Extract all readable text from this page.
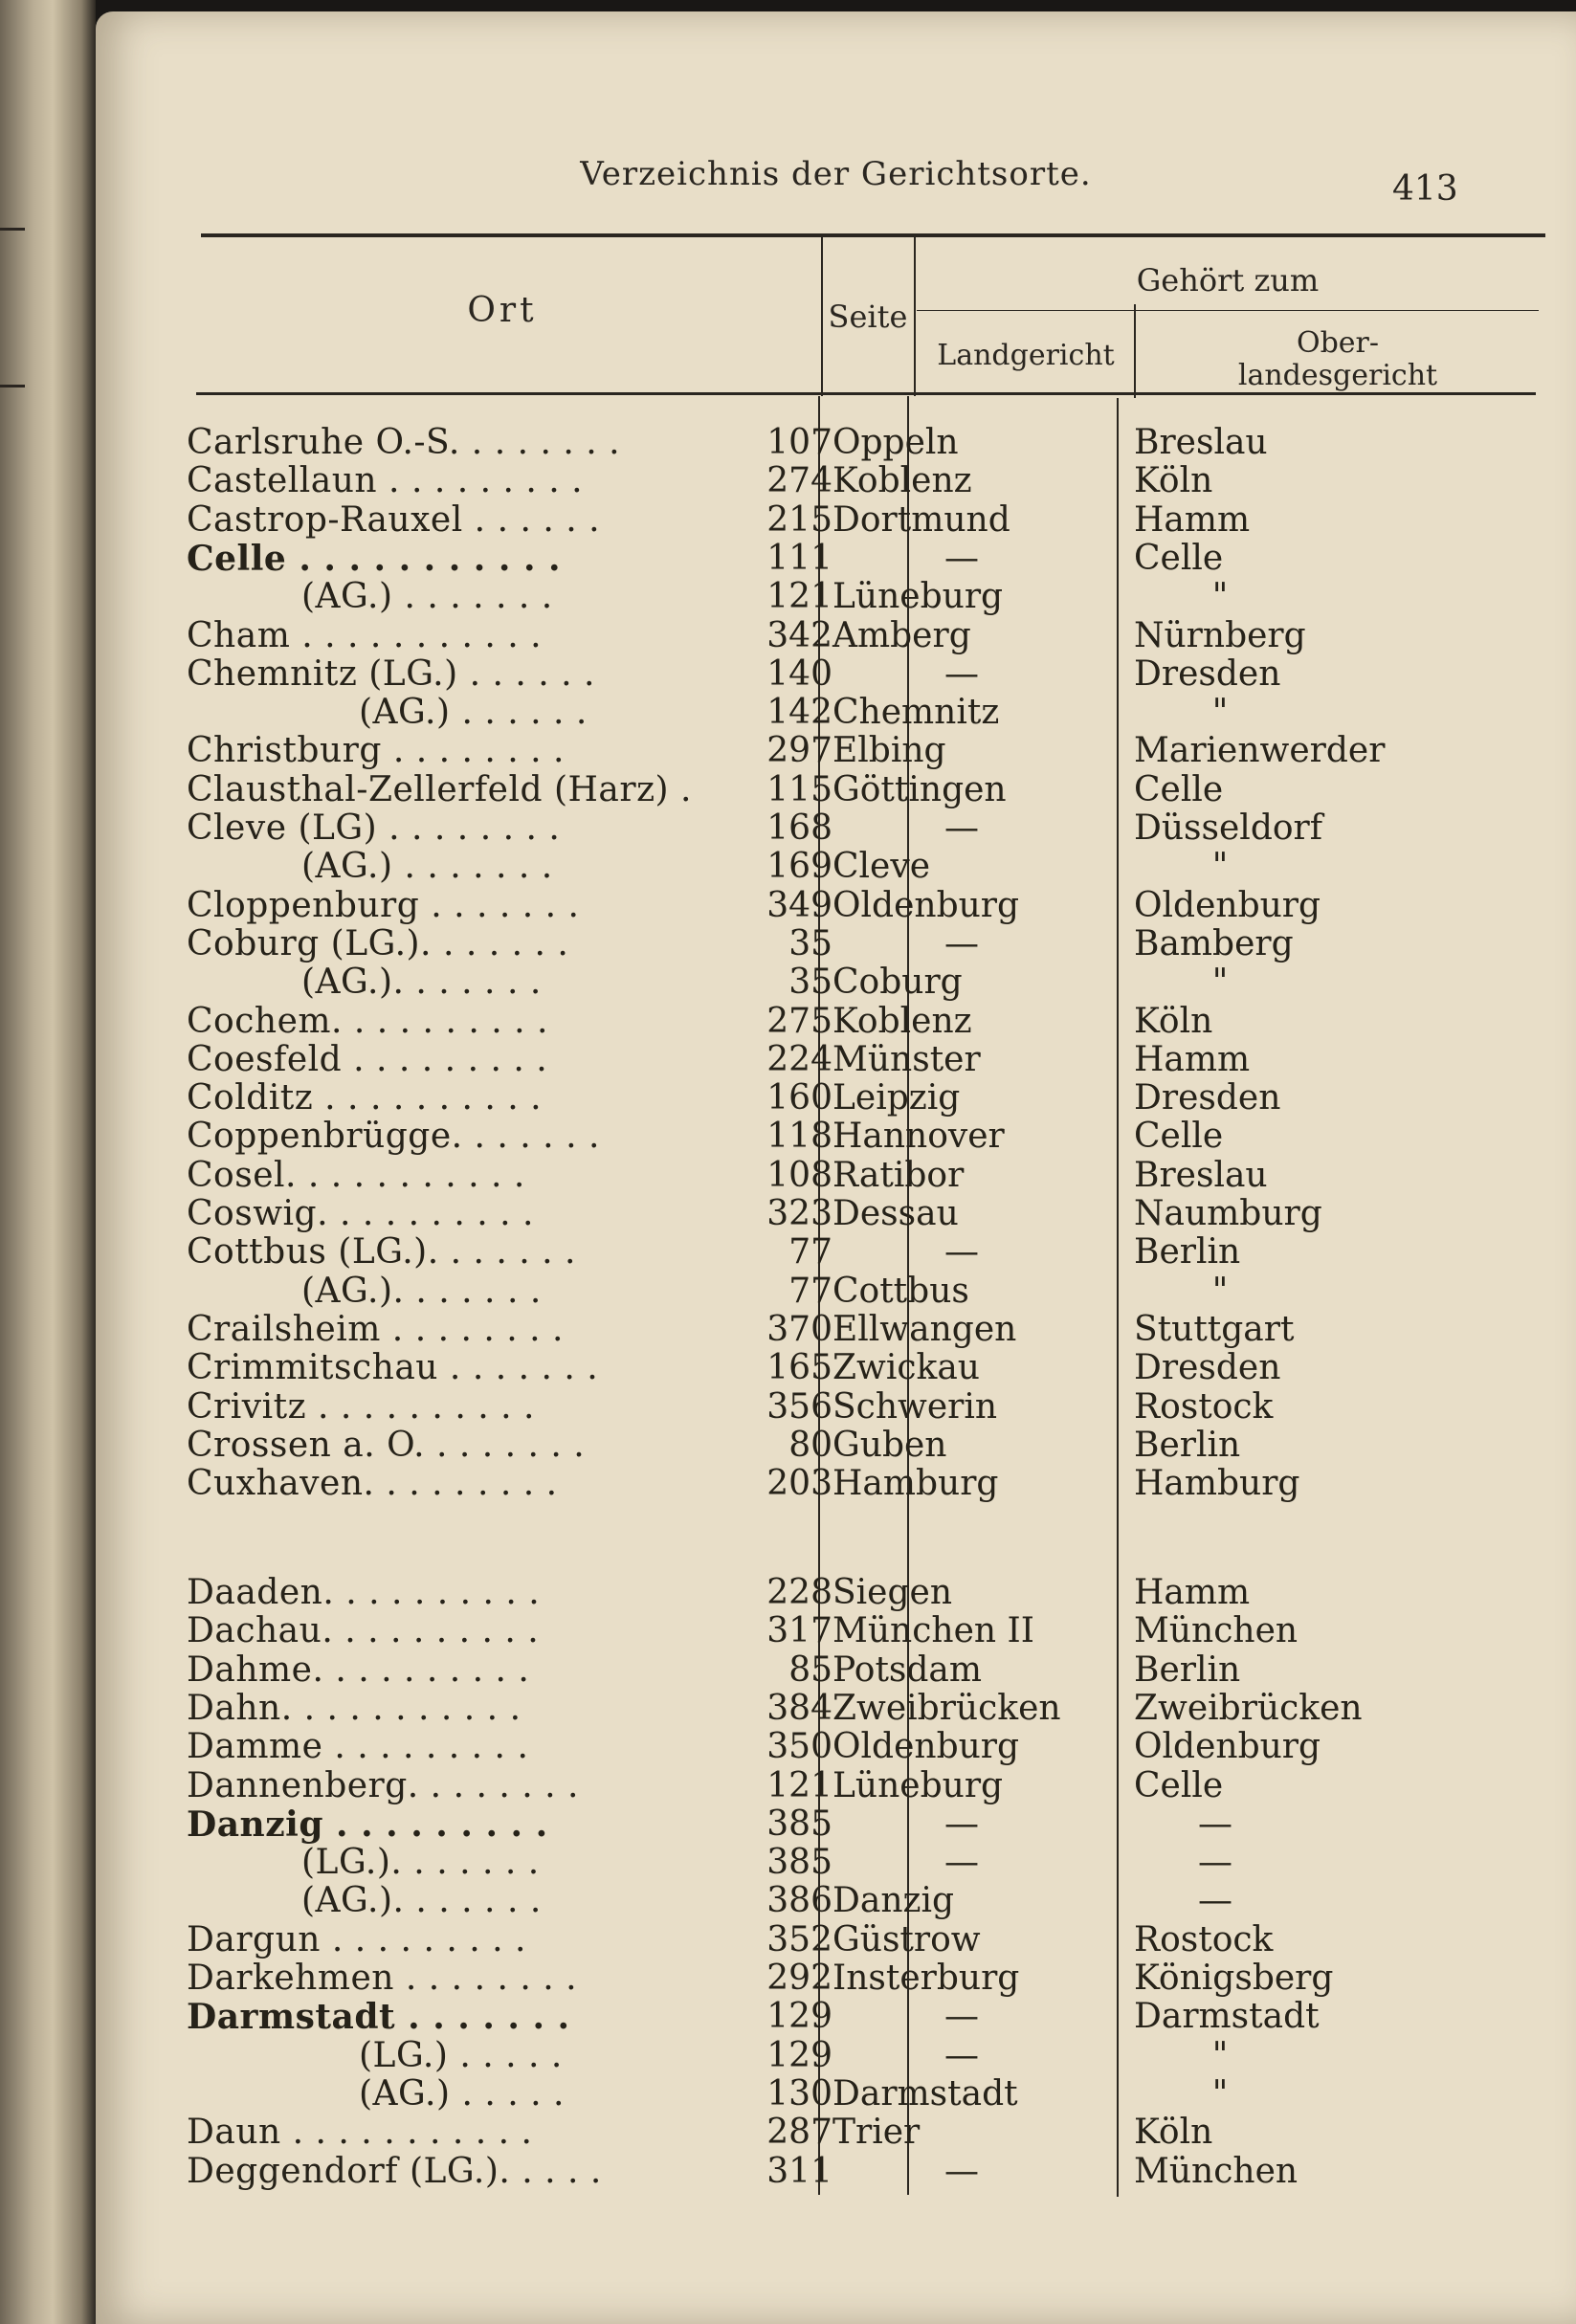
Verzeichnis der Gerichtsorte.	413
Ort	Seite
Gehört zum
Landgericht	Ober-
landesgericht
Carlsruhe O.-S. . . . . . . .	107 Oppeln	Breslau
Castellaun . . . . . . . . .	274 Koblenz	Köln
Castrop-Rauxel . . . . . .	215 Dortmund	Hamm
Celle . . . . . . . . . . .	111	—	Celle
(AG.) . . . . . . .	121 Lüneburg	"
Cham . . . . . . . . . . .	342 Amberg	Nürnberg
Chemnitz (LG.) . . . . . .	140	—	Dresden
(AG.) . . . . . .	142 Chemnitz	"
Christburg . . . . . . . .	297 Elbing	Marienwerder
Clausthal-Zellerfeld (Harz) .	115 Göttingen	Celle
Cleve (LG) . . . . . . . .	168	—	Düsseldorf
(AG.) . . . . . . .	169 Cleve	"
Cloppenburg . . . . . . .	349 Oldenburg	Oldenburg
Coburg (LG.). . . . . . .	35	—	Bamberg
(AG.). . . . . . .	35 Coburg	"
Cochem. . . . . . . . . .	275 Koblenz	Köln
Coesfeld . . . . . . . . .	224 Münster	Hamm
Colditz . . . . . . . . . .	160 Leipzig	Dresden
Coppenbrügge. . . . . . .	118 Hannover	Celle
Cosel. . . . . . . . . . .	108 Ratibor	Breslau
Coswig. . . . . . . . . .	323 Dessau	Naumburg
Cottbus (LG.). . . . . . .	77	—	Berlin
(AG.). . . . . . .	77 Cottbus	"
Crailsheim . . . . . . . .	370 Ellwangen	Stuttgart
Crimmitschau . . . . . . .	165 Zwickau	Dresden
Crivitz . . . . . . . . . .	356 Schwerin	Rostock
Crossen a. O. . . . . . . .	80 Guben	Berlin
Cuxhaven. . . . . . . . .	203 Hamburg	Hamburg
Daaden. . . . . . . . . .	228 Siegen	Hamm
Dachau. . . . . . . . . .	317 München II	München
Dahme. . . . . . . . . .	85 Potsdam	Berlin
Dahn. . . . . . . . . . .	384 Zweibrücken	Zweibrücken
Damme . . . . . . . . .	350 Oldenburg	Oldenburg
Dannenberg. . . . . . . .	121 Lüneburg	Celle
Danzig . . . . . . . . .	385	—	—
(LG.). . . . . . .	385	—	—
(AG.). . . . . . .	386 Danzig	—
Dargun . . . . . . . . .	352 Güstrow	Rostock
Darkehmen . . . . . . . .	292 Insterburg	Königsberg
Darmstadt . . . . . . .	129	—	Darmstadt
(LG.) . . . . .	129	—	"
(AG.) . . . . .	130 Darmstadt	"
Daun . . . . . . . . . . .	287 Trier	Köln
Deggendorf (LG.). . . . .	311	—	München
